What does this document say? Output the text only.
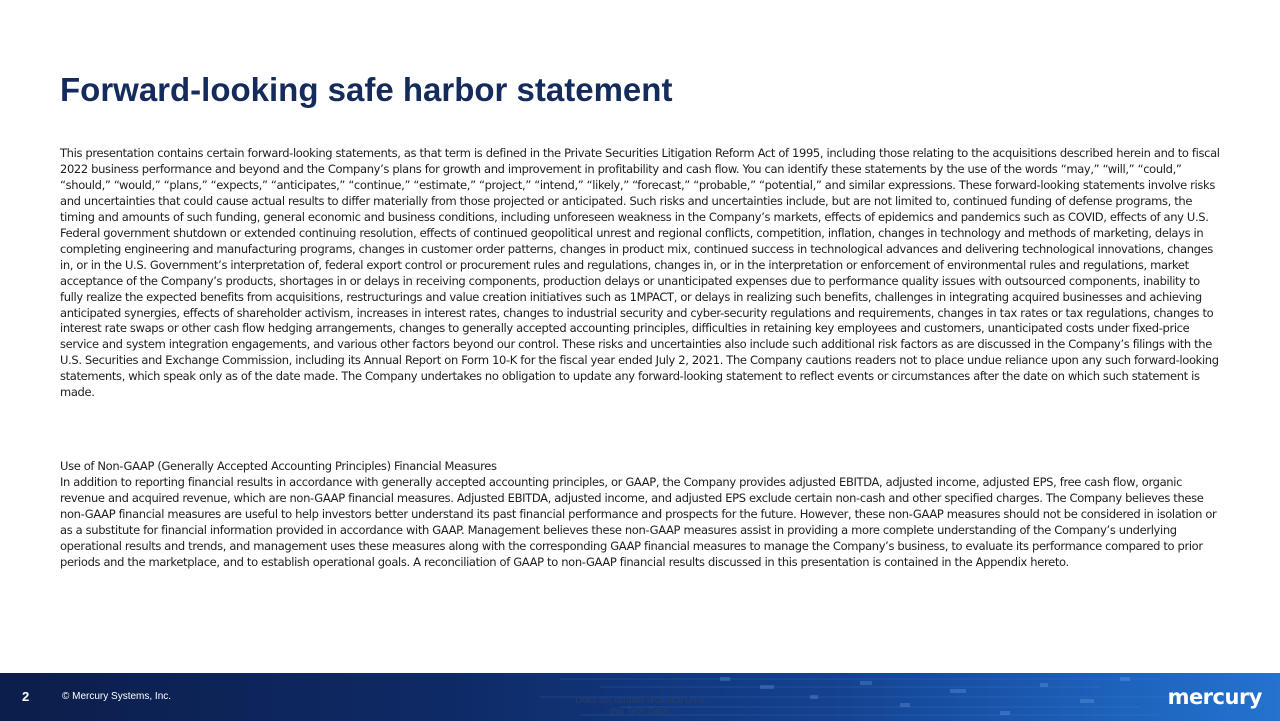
Forward-looking safe harbor statement

This presentation contains certain forward-looking statements, as that term is defined in the Private Securities Litigation Reform Act of 1995, including those relating to the acquisitions described herein and to fiscal 2022 business performance and beyond and the Company’s plans for growth and improvement in profitability and cash flow. You can identify these statements by the use of the words “may,” “will,” “could,” “should,” “would,” “plans,” “expects,” “anticipates,” “continue,” “estimate,” “project,” “intend,” “likely,” “forecast,” “probable,” “potential,” and similar expressions. These forward-looking statements involve risks and uncertainties that could cause actual results to differ materially from those projected or anticipated. Such risks and uncertainties include, but are not limited to, continued funding of defense programs, the timing and amounts of such funding, general economic and business conditions, including unforeseen weakness in the Company’s markets, effects of epidemics and pandemics such as COVID, effects of any U.S. Federal government shutdown or extended continuing resolution, effects of continued geopolitical unrest and regional conflicts, competition, inflation, changes in technology and methods of marketing, delays in completing engineering and manufacturing programs, changes in customer order patterns, changes in product mix, continued success in technological advances and delivering technological innovations, changes in, or in the U.S. Government’s interpretation of, federal export control or procurement rules and regulations, changes in, or in the interpretation or enforcement of environmental rules and regulations, market acceptance of the Company’s products, shortages in or delays in receiving components, production delays or unanticipated expenses due to performance quality issues with outsourced components, inability to fully realize the expected benefits from acquisitions, restructurings and value creation initiatives such as 1MPACT, or delays in realizing such benefits, challenges in integrating acquired businesses and achieving anticipated synergies, effects of shareholder activism, increases in interest rates, changes to industrial security and cyber-security regulations and requirements, changes in tax rates or tax regulations, changes to interest rate swaps or other cash flow hedging arrangements, changes to generally accepted accounting principles, difficulties in retaining key employees and customers, unanticipated costs under fixed-price service and system integration engagements, and various other factors beyond our control. These risks and uncertainties also include such additional risk factors as are discussed in the Company’s filings with the U.S. Securities and Exchange Commission, including its Annual Report on Form 10-K for the fiscal year ended July 2, 2021. The Company cautions readers not to place undue reliance upon any such forward-looking statements, which speak only as of the date made. The Company undertakes no obligation to update any forward-looking statement to reflect events or circumstances after the date on which such statement is made.

Use of Non-GAAP (Generally Accepted Accounting Principles) Financial Measures

In addition to reporting financial results in accordance with generally accepted accounting principles, or GAAP, the Company provides adjusted EBITDA, adjusted income, adjusted EPS, free cash flow, organic revenue and acquired revenue, which are non-GAAP financial measures. Adjusted EBITDA, adjusted income, and adjusted EPS exclude certain non-cash and other specified charges. The Company believes these non-GAAP financial measures are useful to help investors better understand its past financial performance and prospects for the future. However, these non-GAAP measures should not be considered in isolation or as a substitute for financial information provided in accordance with GAAP. Management believes these non-GAAP measures assist in providing a more complete understanding of the Company’s underlying operational results and trends, and management uses these measures along with the corresponding GAAP financial measures to manage the Company’s business, to evaluate its performance compared to prior periods and the marketplace, and to establish operational goals. A reconciliation of GAAP to non-GAAP financial results discussed in this presentation is contained in the Appendix hereto.

2	© Mercury Systems, Inc.	Does not contain Technical Data
(No Tech Data)
mercury
